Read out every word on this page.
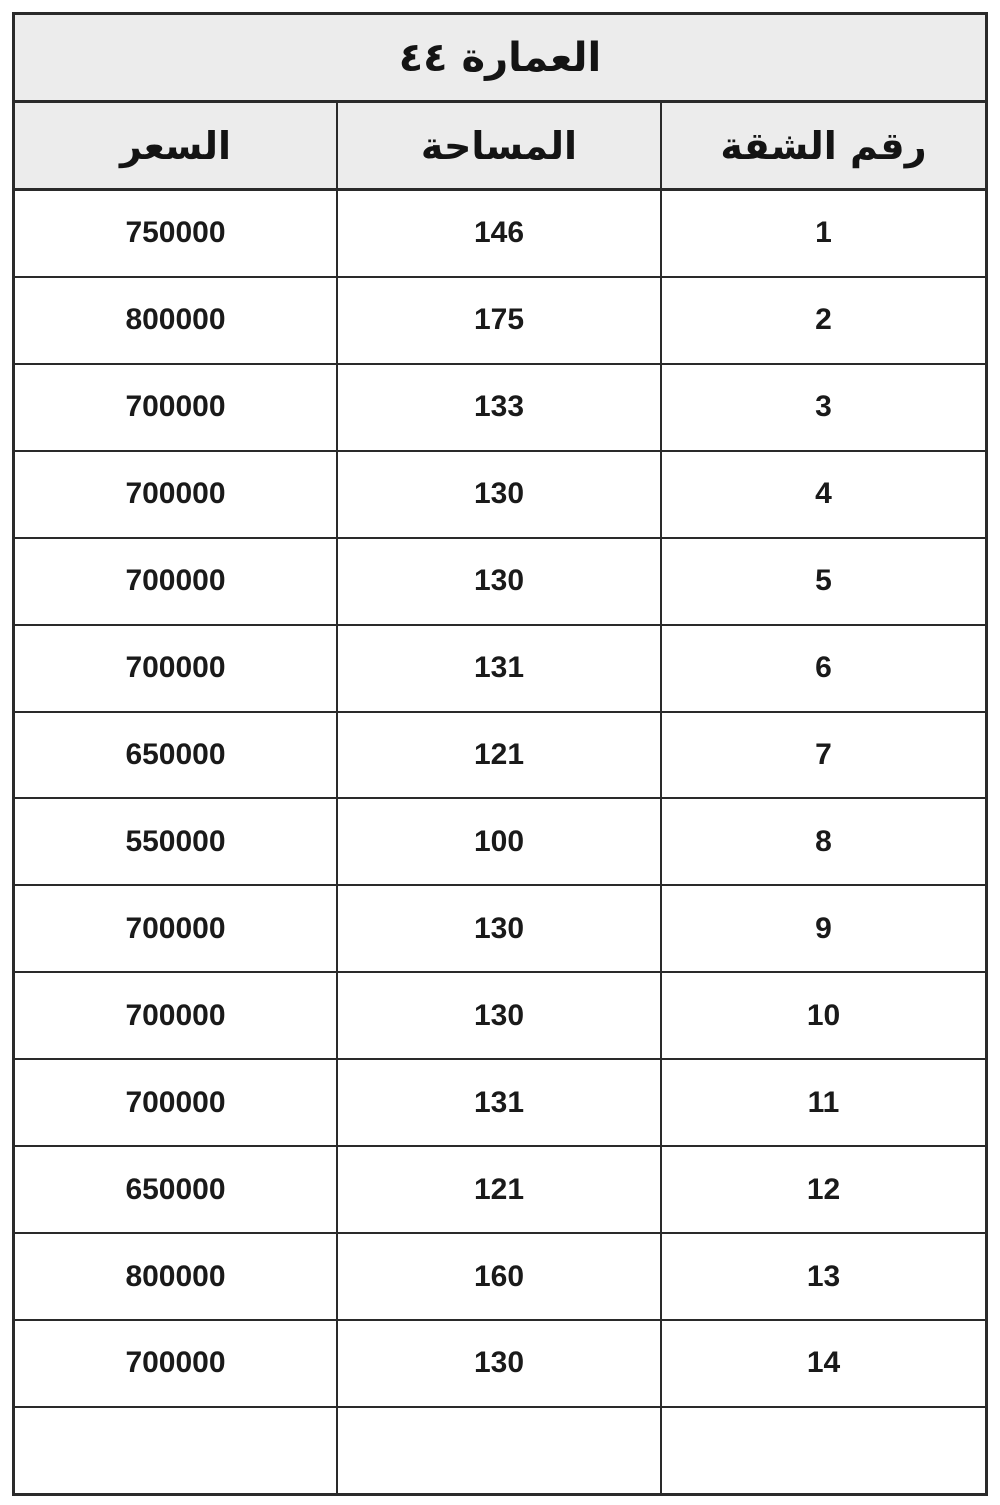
العمارة ٤٤
رقم الشقة	المساحة	السعر
1	146	750000
2	175	800000
3	133	700000
4	130	700000
5	130	700000
6	131	700000
7	121	650000
8	100	550000
9	130	700000
10	130	700000
11	131	700000
12	121	650000
13	160	800000
14	130	700000
